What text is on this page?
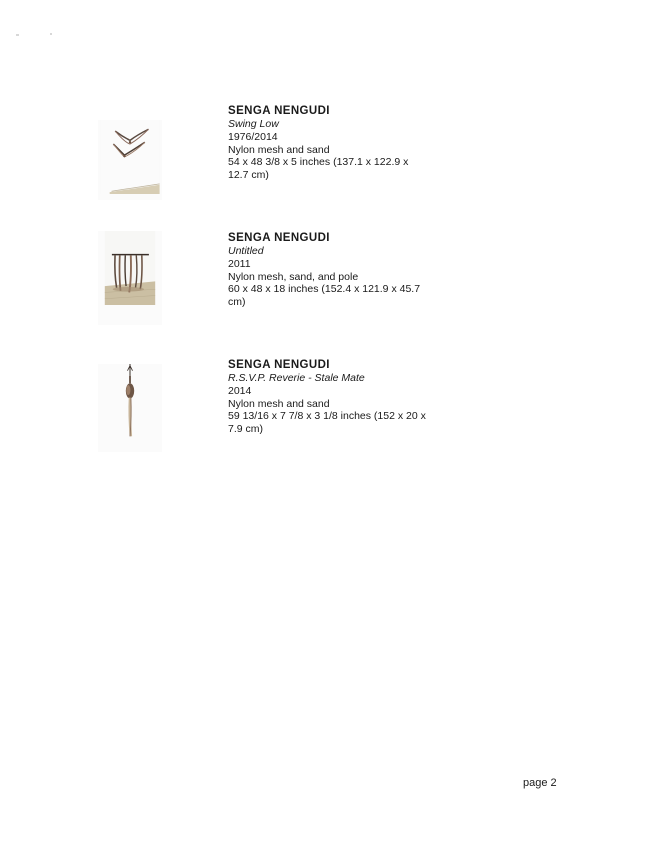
SENGA NENGUDI
Swing Low
1976/2014
Nylon mesh and sand
54 x 48 3/8 x 5 inches (137.1 x 122.9 x 12.7 cm)
SENGA NENGUDI
Untitled
2011
Nylon mesh, sand, and pole
60 x 48 x 18 inches (152.4 x 121.9 x 45.7 cm)
SENGA NENGUDI
R.S.V.P. Reverie - Stale Mate
2014
Nylon mesh and sand
59 13/16 x 7 7/8 x 3 1/8 inches (152 x 20 x 7.9 cm)
page 2
